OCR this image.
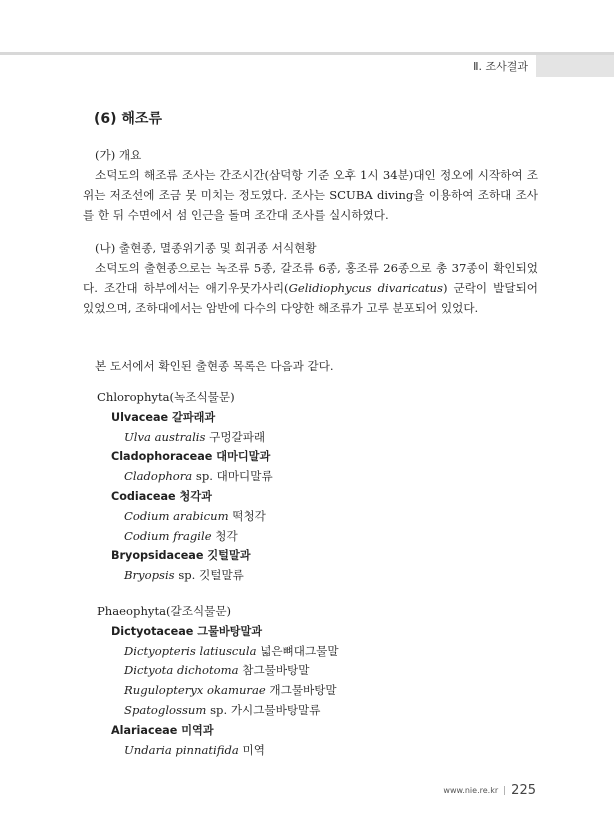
Ⅱ. 조사결과
(6) 해조류
(가) 개요
소덕도의 해조류 조사는 간조시간(삼덕항 기준 오후 1시 34분)대인 정오에 시작하여 조위는 저조선에 조금 못 미치는 정도였다. 조사는 SCUBA diving을 이용하여 조하대 조사를 한 뒤 수면에서 섬 인근을 돌며 조간대 조사를 실시하였다.
(나) 출현종, 멸종위기종 및 희귀종 서식현황
소덕도의 출현종으로는 녹조류 5종, 갈조류 6종, 홍조류 26종으로 총 37종이 확인되었다. 조간대 하부에서는 애기우뭇가사리(Gelidiophycus divaricatus) 군락이 발달되어 있었으며, 조하대에서는 암반에 다수의 다양한 해조류가 고루 분포되어 있었다.
본 도서에서 확인된 출현종 목록은 다음과 같다.
Chlorophyta(녹조식물문)
Ulvaceae 갈파래과
Ulva australis 구멍갈파래
Cladophoraceae 대마디말과
Cladophora sp. 대마디말류
Codiaceae 청각과
Codium arabicum 떡청각
Codium fragile 청각
Bryopsidaceae 깃털말과
Bryopsis sp. 깃털말류
Phaeophyta(갈조식물문)
Dictyotaceae 그물바탕말과
Dictyopteris latiuscula 넓은뼈대그물말
Dictyota dichotoma 참그물바탕말
Rugulopteryx okamurae 개그물바탕말
Spatoglossum sp. 가시그물바탕말류
Alariaceae 미역과
Undaria pinnatifida 미역
www.nie.re.kr | 225
